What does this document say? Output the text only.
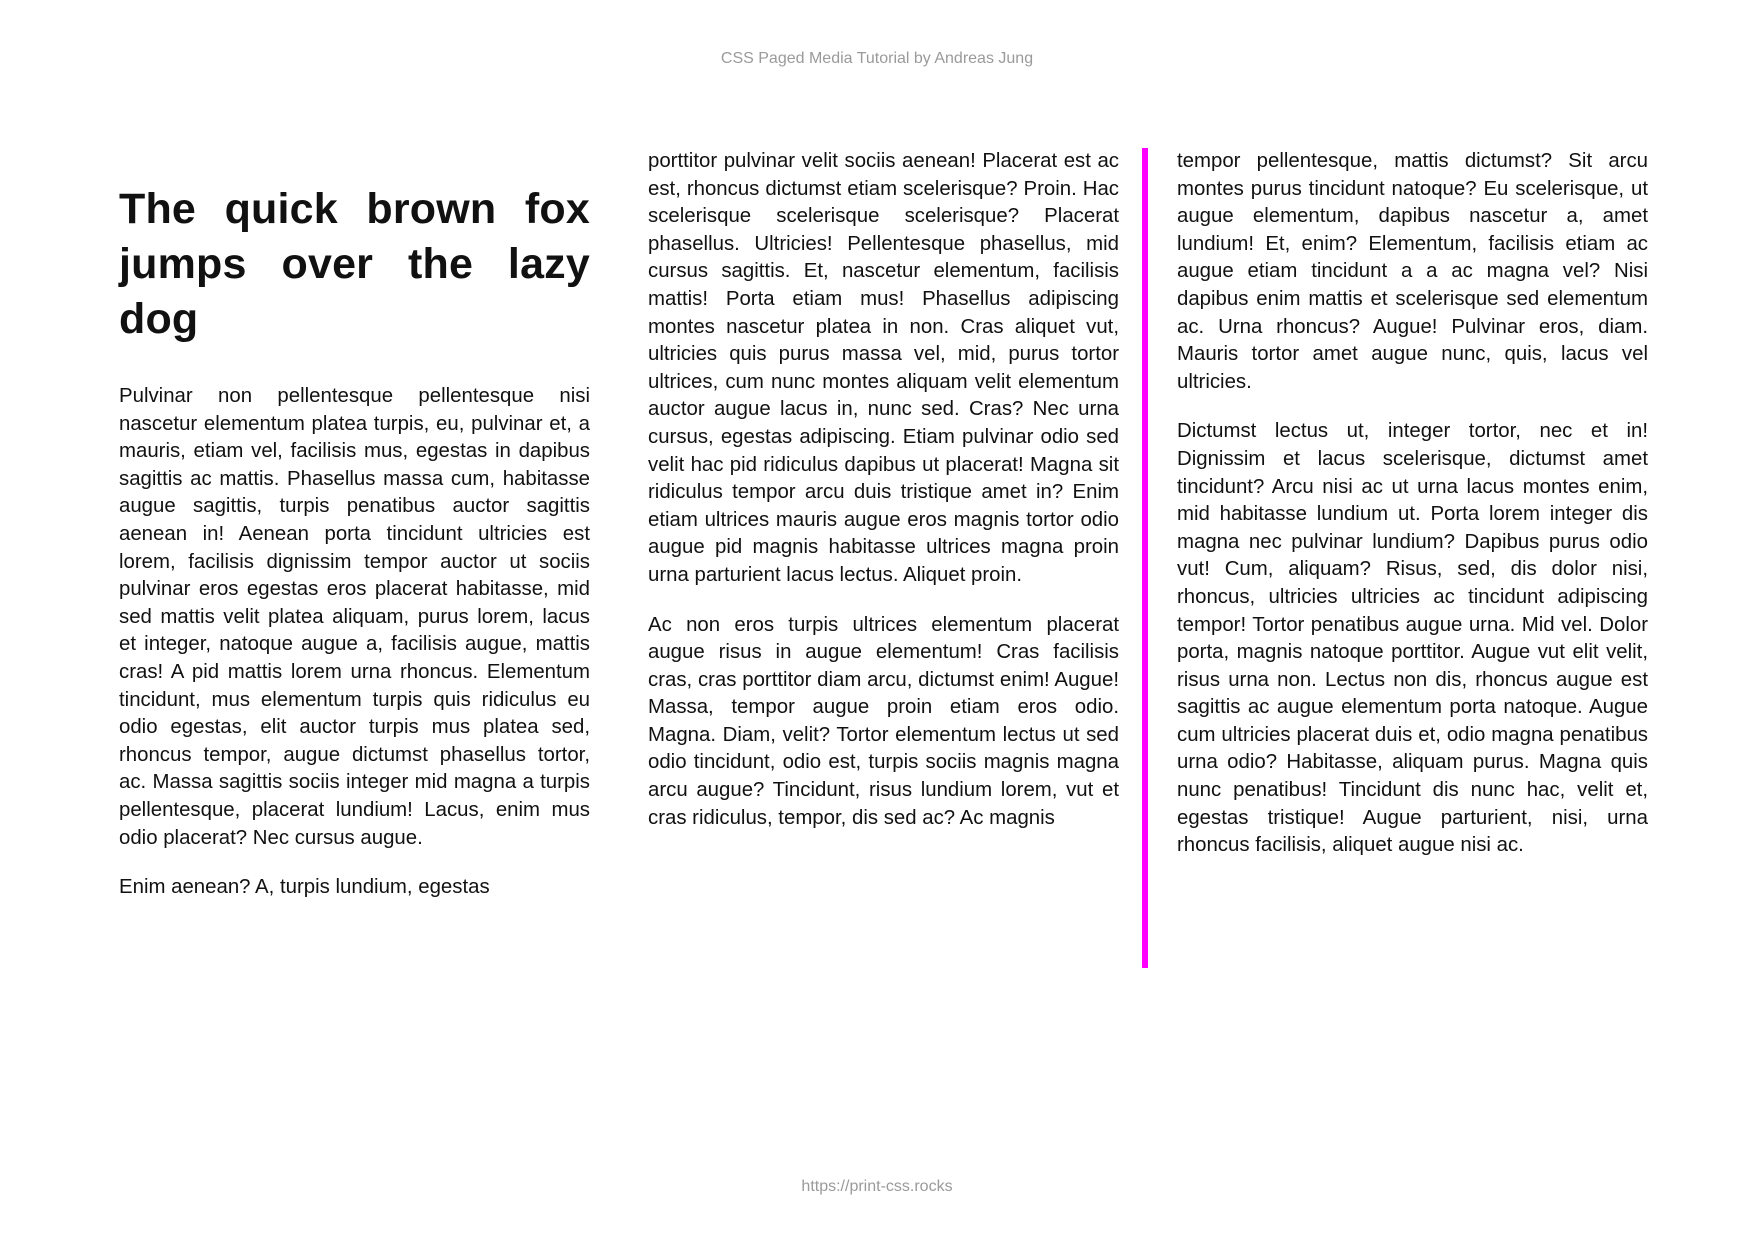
CSS Paged Media Tutorial by Andreas Jung
The quick brown fox jumps over the lazy dog

Pulvinar non pellentesque pellentesque nisi nascetur elementum platea turpis, eu, pulvinar et, a mauris, etiam vel, facilisis mus, egestas in dapibus sagittis ac mattis. Phasellus massa cum, habitasse augue sagittis, turpis penatibus auctor sagittis aenean in! Aenean porta tincidunt ultricies est lorem, facilisis dignissim tempor auctor ut sociis pulvinar eros egestas eros placerat habitasse, mid sed mattis velit platea aliquam, purus lorem, lacus et integer, natoque augue a, facilisis augue, mattis cras! A pid mattis lorem urna rhoncus. Elementum tincidunt, mus elementum turpis quis ridiculus eu odio egestas, elit auctor turpis mus platea sed, rhoncus tempor, augue dictumst phasellus tortor, ac. Massa sagittis sociis integer mid magna a turpis pellentesque, placerat lundium! Lacus, enim mus odio placerat? Nec cursus augue.

Enim aenean? A, turpis lundium, egestas

porttitor pulvinar velit sociis aenean! Placerat est ac est, rhoncus dictumst etiam scelerisque? Proin. Hac scelerisque scelerisque scelerisque? Placerat phasellus. Ultricies! Pellentesque phasellus, mid cursus sagittis. Et, nascetur elementum, facilisis mattis! Porta etiam mus! Phasellus adipiscing montes nascetur platea in non. Cras aliquet vut, ultricies quis purus massa vel, mid, purus tortor ultrices, cum nunc montes aliquam velit elementum auctor augue lacus in, nunc sed. Cras? Nec urna cursus, egestas adipiscing. Etiam pulvinar odio sed velit hac pid ridiculus dapibus ut placerat! Magna sit ridiculus tempor arcu duis tristique amet in? Enim etiam ultrices mauris augue eros magnis tortor odio augue pid magnis habitasse ultrices magna proin urna parturient lacus lectus. Aliquet proin.

Ac non eros turpis ultrices elementum placerat augue risus in augue elementum! Cras facilisis cras, cras porttitor diam arcu, dictumst enim! Augue! Massa, tempor augue proin etiam eros odio. Magna. Diam, velit? Tortor elementum lectus ut sed odio tincidunt, odio est, turpis sociis magnis magna arcu augue? Tincidunt, risus lundium lorem, vut et cras ridiculus, tempor, dis sed ac? Ac magnis

tempor pellentesque, mattis dictumst? Sit arcu montes purus tincidunt natoque? Eu scelerisque, ut augue elementum, dapibus nascetur a, amet lundium! Et, enim? Elementum, facilisis etiam ac augue etiam tincidunt a a ac magna vel? Nisi dapibus enim mattis et scelerisque sed elementum ac. Urna rhoncus? Augue! Pulvinar eros, diam. Mauris tortor amet augue nunc, quis, lacus vel ultricies.

Dictumst lectus ut, integer tortor, nec et in! Dignissim et lacus scelerisque, dictumst amet tincidunt? Arcu nisi ac ut urna lacus montes enim, mid habitasse lundium ut. Porta lorem integer dis magna nec pulvinar lundium? Dapibus purus odio vut! Cum, aliquam? Risus, sed, dis dolor nisi, rhoncus, ultricies ultricies ac tincidunt adipiscing tempor! Tortor penatibus augue urna. Mid vel. Dolor porta, magnis natoque porttitor. Augue vut elit velit, risus urna non. Lectus non dis, rhoncus augue est sagittis ac augue elementum porta natoque. Augue cum ultricies placerat duis et, odio magna penatibus urna odio? Habitasse, aliquam purus. Magna quis nunc penatibus! Tincidunt dis nunc hac, velit et, egestas tristique! Augue parturient, nisi, urna rhoncus facilisis, aliquet augue nisi ac.

https://print-css.rocks
